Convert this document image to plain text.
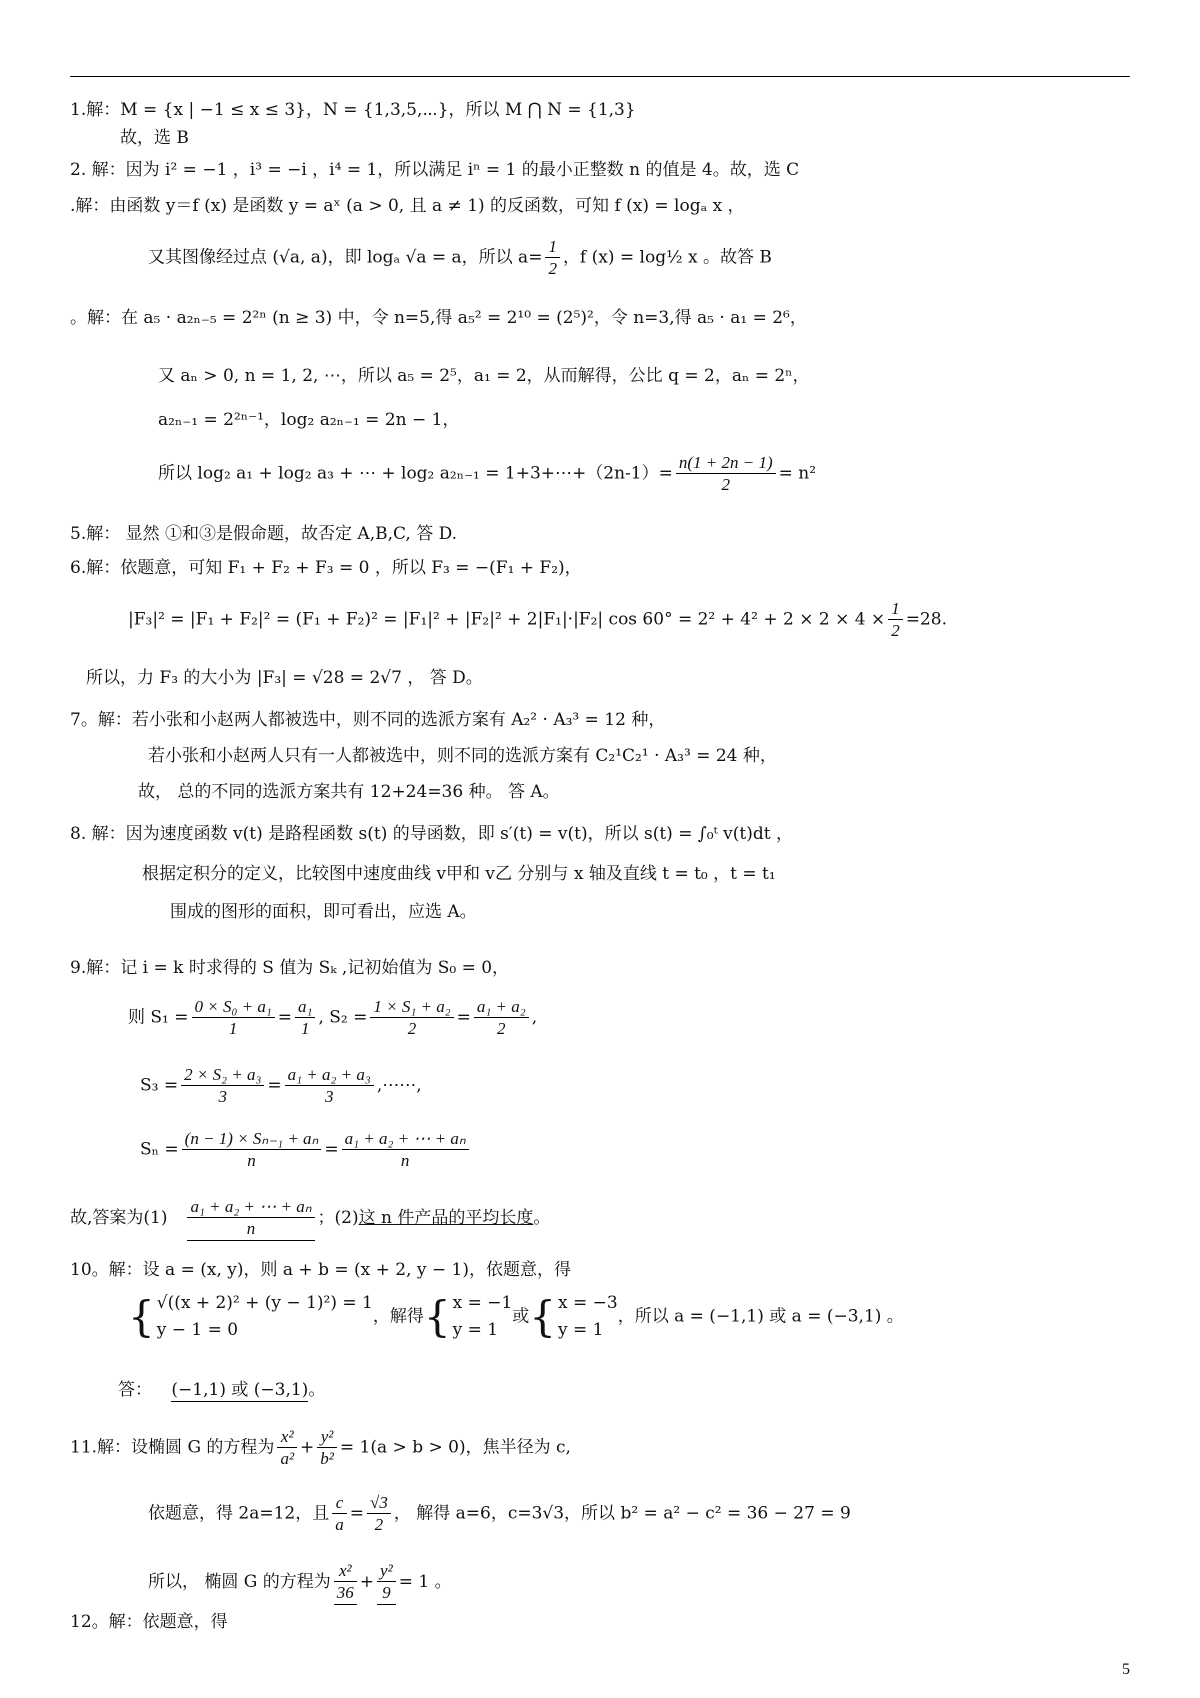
1.解：M = {x | −1 ≤ x ≤ 3}，N = {1,3,5,⋯}，所以 M ⋂ N = {1,3}
故，选 B
2. 解：因为 i² = −1 ，i³ = −i ，i⁴ = 1，所以满足 iⁿ = 1 的最小正整数 n 的值是 4。故，选 C
.解：由函数 y＝f (x) 是函数 y = aˣ (a > 0, 且 a ≠ 1) 的反函数，可知 f (x) = logₐ x ，
又其图像经过点 (√a, a)，即 logₐ √a = a，所以 $a= \frac{1}{2}$ ，f (x) = log½ x 。故答 B
。解：在 a₅ · a₂ₙ₋₅ = 2²ⁿ (n ≥ 3) 中，令 n=5,得 a₅² = 2¹⁰ = (2⁵)²，令 n=3,得 a₅ · a₁ = 2⁶，
又 aₙ > 0, n = 1, 2, ⋯，所以 a₅ = 2⁵，a₁ = 2，从而解得，公比 q = 2，aₙ = 2ⁿ，
a₂ₙ₋₁ = 2²ⁿ⁻¹，log₂ a₂ₙ₋₁ = 2n − 1，
所以 log₂ a₁ + log₂ a₃ + ⋯ + log₂ a₂ₙ₋₁ = 1+3+⋯+（2n-1）= $\frac{n(1 + 2n - 1)}{2} = n^2$
5.解： 显然 ①和③是假命题，故否定 A,B,C, 答 D.
6.解：依题意，可知 F₁ + F₂ + F₃ = 0 ，所以 F₃ = −(F₁ + F₂)，
|F₃|² = |F₁ + F₂|² = (F₁ + F₂)² = |F₁|² + |F₂|² + 2|F₁|·|F₂| $\cos 60^\circ = 2^2 + 4^2 + 2 \times 2 \times 4 \times \frac{1}{2} =28$.
所以，力 F₃ 的大小为 |F₃| = √28 = 2√7 ， 答 D。
7。解：若小张和小赵两人都被选中，则不同的选派方案有 A₂² · A₃³ = 12 种，
若小张和小赵两人只有一人都被选中，则不同的选派方案有 C₂¹C₂¹ · A₃³ = 24 种，
故， 总的不同的选派方案共有 12+24=36 种。 答 A。
8. 解：因为速度函数 v(t) 是路程函数 s(t) 的导函数，即 s′(t) = v(t)，所以 s(t) = ∫₀ᵗ v(t)dt ，
根据定积分的定义，比较图中速度曲线 v甲和 v乙 分别与 x 轴及直线 t = t₀ ，t = t₁
围成的图形的面积，即可看出，应选 A。
9.解：记 i = k 时求得的 S 值为 Sₖ ,记初始值为 S₀ = 0，
则 $S_1 = \frac{\text{0 × S₀ + a₁}}{1} = \frac{\text{a₁}}{1}$ , $S_2 = \frac{\text{1 × S₁ + a₂}}{2} = \frac{\text{a₁ + a₂}}{2}$ ,
$S_3 = \frac{\text{2 × S₂ + a₃}}{3} = \frac{\text{a₁ + a₂ + a₃}}{3}$ ,⋯⋯,
$S_n = \frac{\text{(n − 1) × Sₙ₋₁ + aₙ}}{n} = \frac{\text{a₁ + a₂ + ⋯ + aₙ}}{n}$
故,答案为$(1) \frac{\text{a₁ + a₂ + ⋯ + aₙ}}{n}$ ；(2)这 n 件产品的平均长度。
10。解：设 a = (x, y)，则 a + b = (x + 2, y − 1)，依题意，得
{ √((x + 2)² + (y − 1)²) = 1
y − 1 = 0
，解得{ x = −1
y = 1
或{ x = −3
y = 1
，所以 a = (−1,1) 或 a = (−3,1) 。
答： (−1,1) 或 (−3,1)。
11.解：设椭圆 G 的方程为 $\frac{\text{x²}}{\text{a²}} + \frac{\text{y²}}{\text{b²}} = 1(a > b > 0)$，焦半径为 c,
依题意，得 2a=12，且 $\frac{c}{a} = \frac{√3}{2}$ ， 解得 a=6，c=3√3，所以 b² = a² − c² = 36 − 27 = 9
所以， 椭圆 G 的方程为 $\frac{\text{x²}}{36} + \frac{\text{y²}}{9} = 1$ 。
12。解：依题意，得
5
